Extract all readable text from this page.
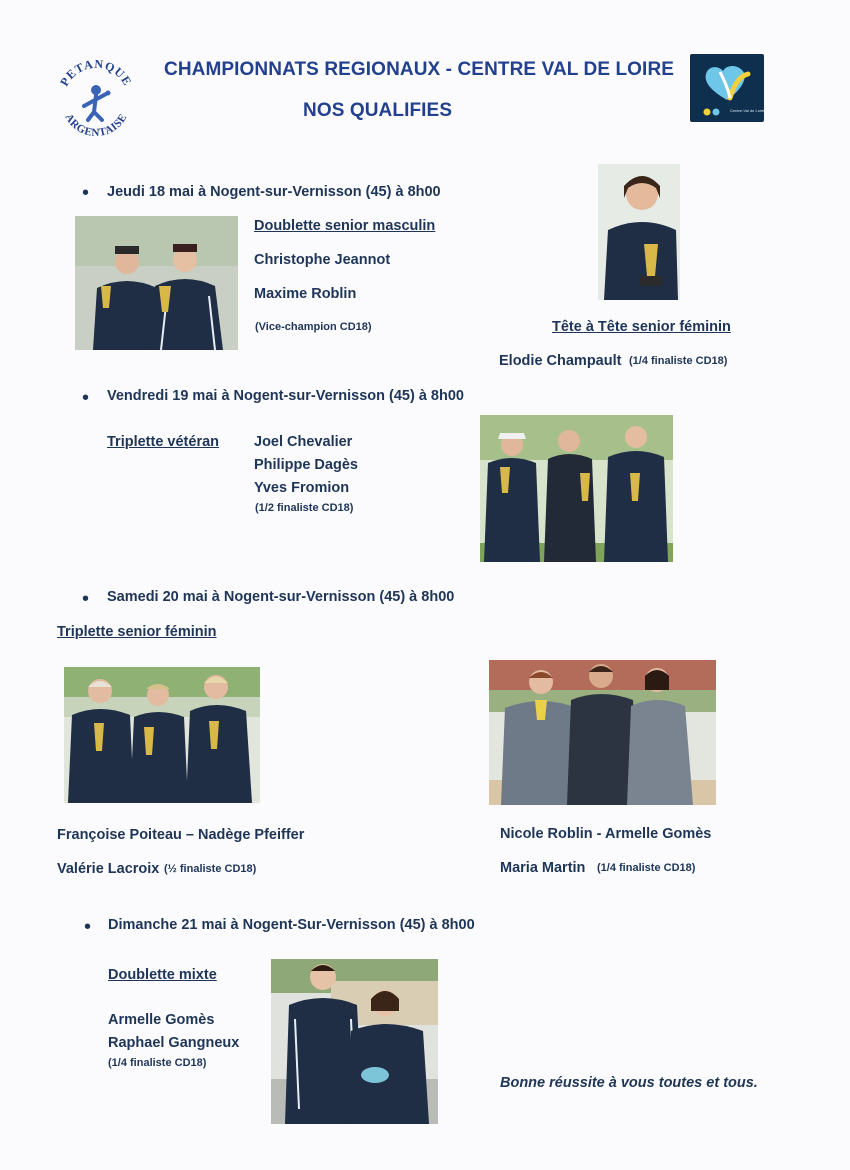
PETANQUE
ARGENTAISE
CHAMPIONNATS REGIONAUX - CENTRE VAL DE LOIRE
NOS QUALIFIES	Centre-Val de Loire
• Jeudi 18 mai à Nogent-sur-Vernisson (45) à 8h00
Doublette senior masculin
Christophe Jeannot
Maxime Roblin
(Vice-champion CD18)	Tête à Tête senior féminin
Elodie Champault (1/4 finaliste CD18)
• Vendredi 19 mai à Nogent-sur-Vernisson (45) à 8h00
Triplette vétéran Joel Chevalier
Philippe Dagès
Yves Fromion
(1/2 finaliste CD18)
• Samedi 20 mai à Nogent-sur-Vernisson (45) à 8h00
Triplette senior féminin
Françoise Poiteau – Nadège Pfeiffer
Valérie Lacroix (½ finaliste CD18)
Nicole Roblin - Armelle Gomès
Maria Martin (1/4 finaliste CD18)
• Dimanche 21 mai à Nogent-Sur-Vernisson (45) à 8h00
Doublette mixte
Armelle Gomès
Raphael Gangneux
(1/4 finaliste CD18)
Bonne réussite à vous toutes et tous.
